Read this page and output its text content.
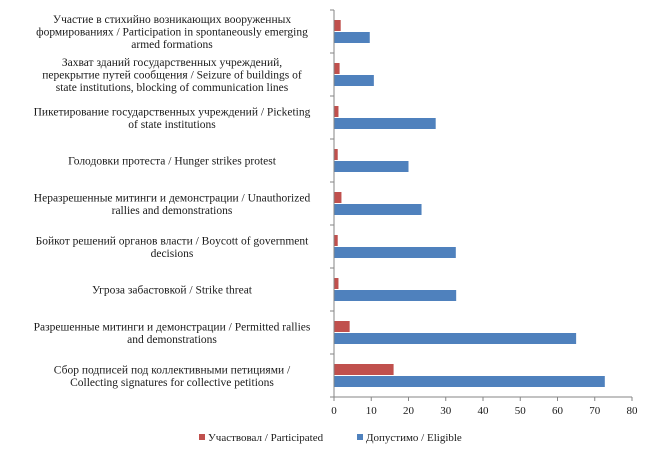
Участие в стихийно возникающих вооруженных формированиях / Participation in spontaneously emerging armed formations
Захват зданий государственных учреждений, перекрытие путей сообщения / Seizure of buildings of state institutions, blocking of communication lines
Пикетирование государственных учреждений / Picketing of state institutions
Голодовки протеста / Hunger strikes protest
Неразрешенные митинги и демонстрации / Unauthorized rallies and demonstrations
Бойкот решений органов власти / Boycott of government decisions
Угроза забастовкой / Strike threat
Разрешенные митинги и демонстрации / Permitted rallies and demonstrations
Сбор подписей под коллективными петициями / Collecting signatures for collective petitions
0	10 20 30 40 50 60 70 80
Участвовал / Participated	Допустимо / Eligible
